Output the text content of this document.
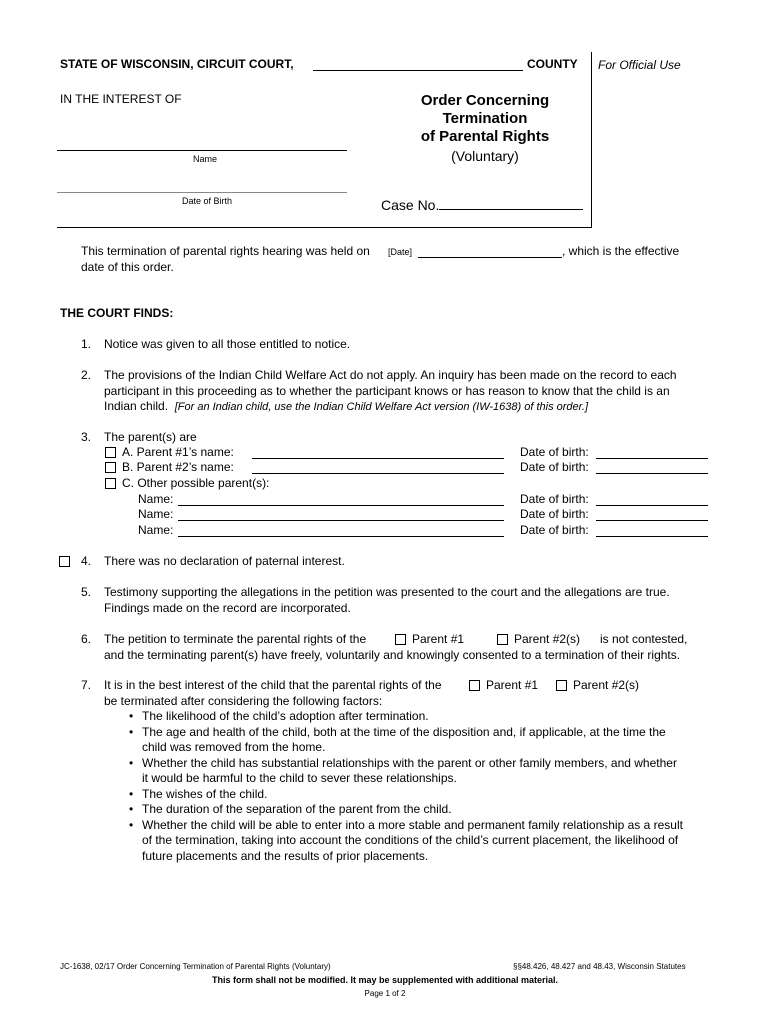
STATE OF WISCONSIN, CIRCUIT COURT,	COUNTY For Official Use
IN THE INTEREST OF
Name
Date of Birth
Order Concerning
Termination
of Parental Rights
(Voluntary)
Case No.
This termination of parental rights hearing was held on [Date]	, which is the effective
date of this order.
THE COURT FINDS:
1. Notice was given to all those entitled to notice.
2. The provisions of the Indian Child Welfare Act do not apply. An inquiry has been made on the record to each
participant in this proceeding as to whether the participant knows or has reason to know that the child is an
Indian child. [For an Indian child, use the Indian Child Welfare Act version (IW-1638) of this order.]
3. The parent(s) are
A. Parent #1’s name:	Date of birth:
B. Parent #2’s name:	Date of birth:
C. Other possible parent(s):
Name:	Date of birth:
Name:	Date of birth:
Name:	Date of birth:
4. There was no declaration of paternal interest.
5. Testimony supporting the allegations in the petition was presented to the court and the allegations are true.
Findings made on the record are incorporated.
6. The petition to terminate the parental rights of the	Parent #1	Parent #2(s) is not contested,
and the terminating parent(s) have freely, voluntarily and knowingly consented to a termination of their rights.
7. It is in the best interest of the child that the parental rights of the	Parent #1	Parent #2(s)
be terminated after considering the following factors:
• The likelihood of the child’s adoption after termination.
• The age and health of the child, both at the time of the disposition and, if applicable, at the time the
child was removed from the home.
• Whether the child has substantial relationships with the parent or other family members, and whether
it would be harmful to the child to sever these relationships.
• The wishes of the child.
• The duration of the separation of the parent from the child.
• Whether the child will be able to enter into a more stable and permanent family relationship as a result
of the termination, taking into account the conditions of the child’s current placement, the likelihood of
future placements and the results of prior placements.
JC-1638, 02/17 Order Concerning Termination of Parental Rights (Voluntary)	§§48.426, 48.427 and 48.43, Wisconsin Statutes
This form shall not be modified. It may be supplemented with additional material.
Page 1 of 2
